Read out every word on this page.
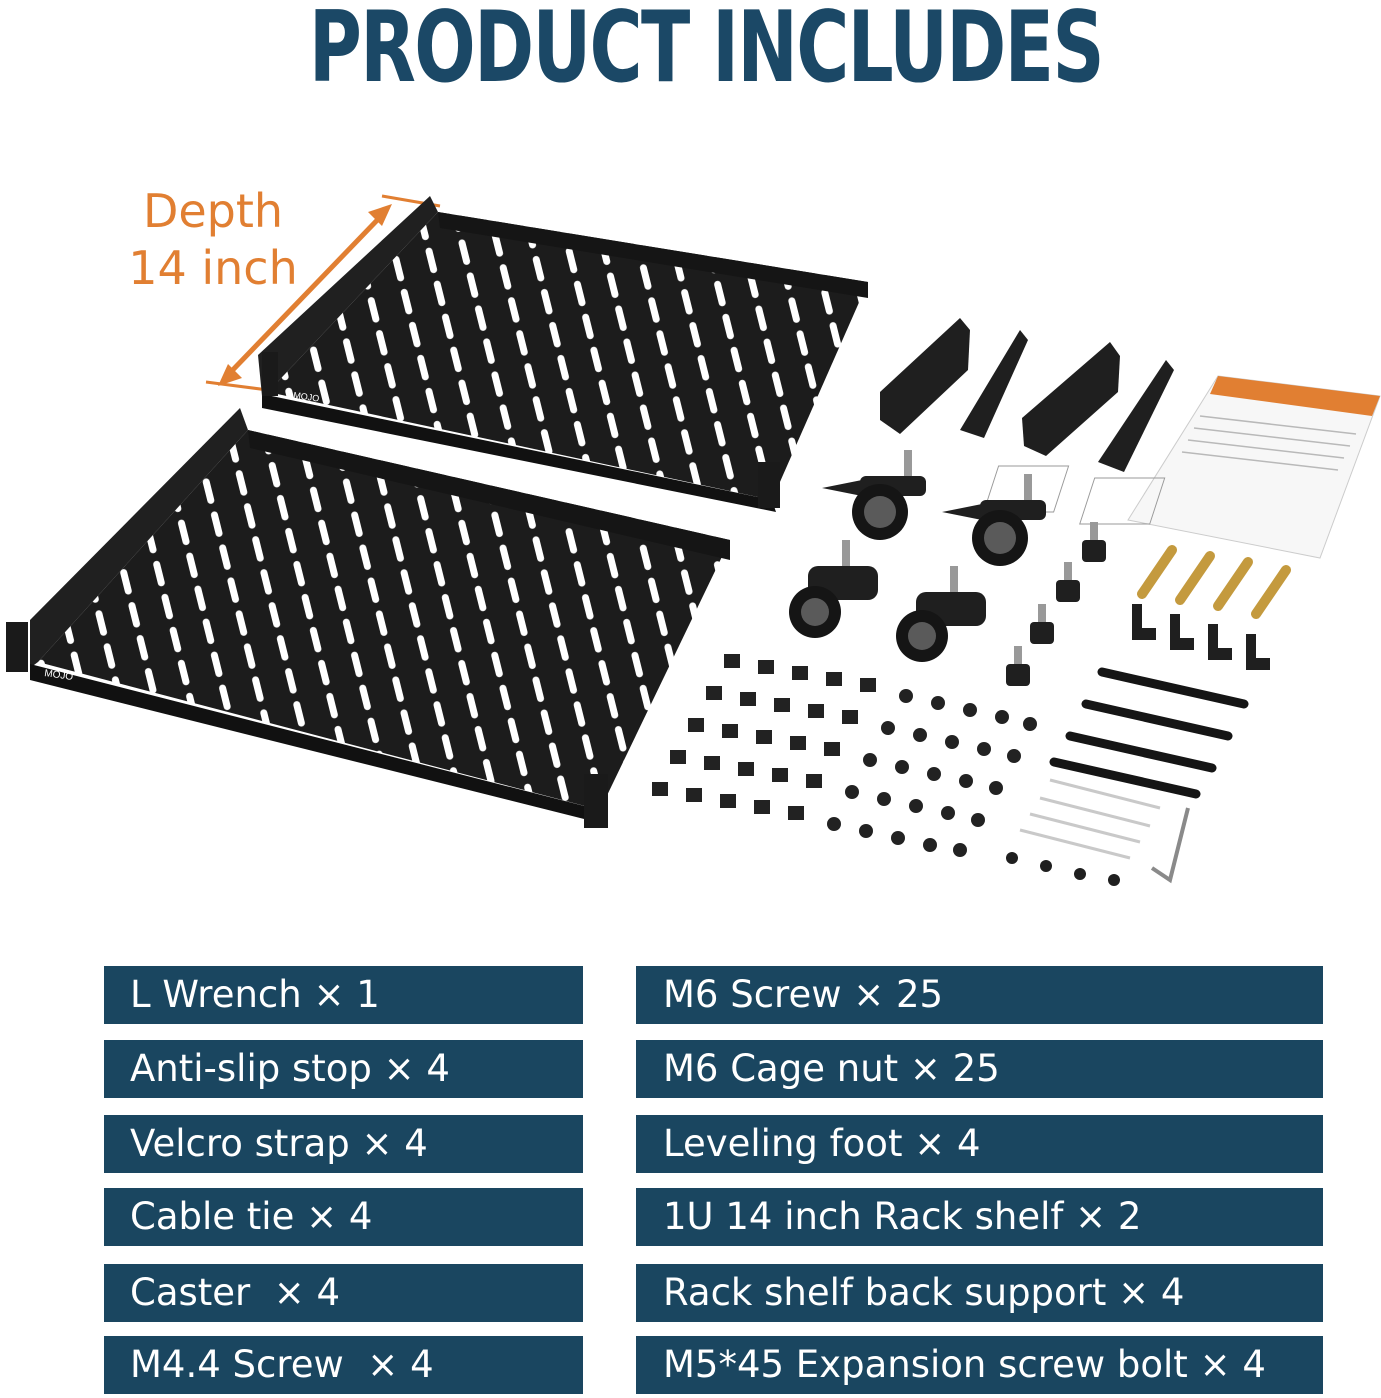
PRODUCT INCLUDES
Depth
14 inch
MOJO
MOJO
L Wrench × 1
Anti-slip stop × 4
Velcro strap × 4
Cable tie × 4
Caster  × 4
M4.4 Screw  × 4
M6 Screw × 25
M6 Cage nut × 25
Leveling foot × 4
1U 14 inch Rack shelf × 2
Rack shelf back support × 4
M5*45 Expansion screw bolt × 4
